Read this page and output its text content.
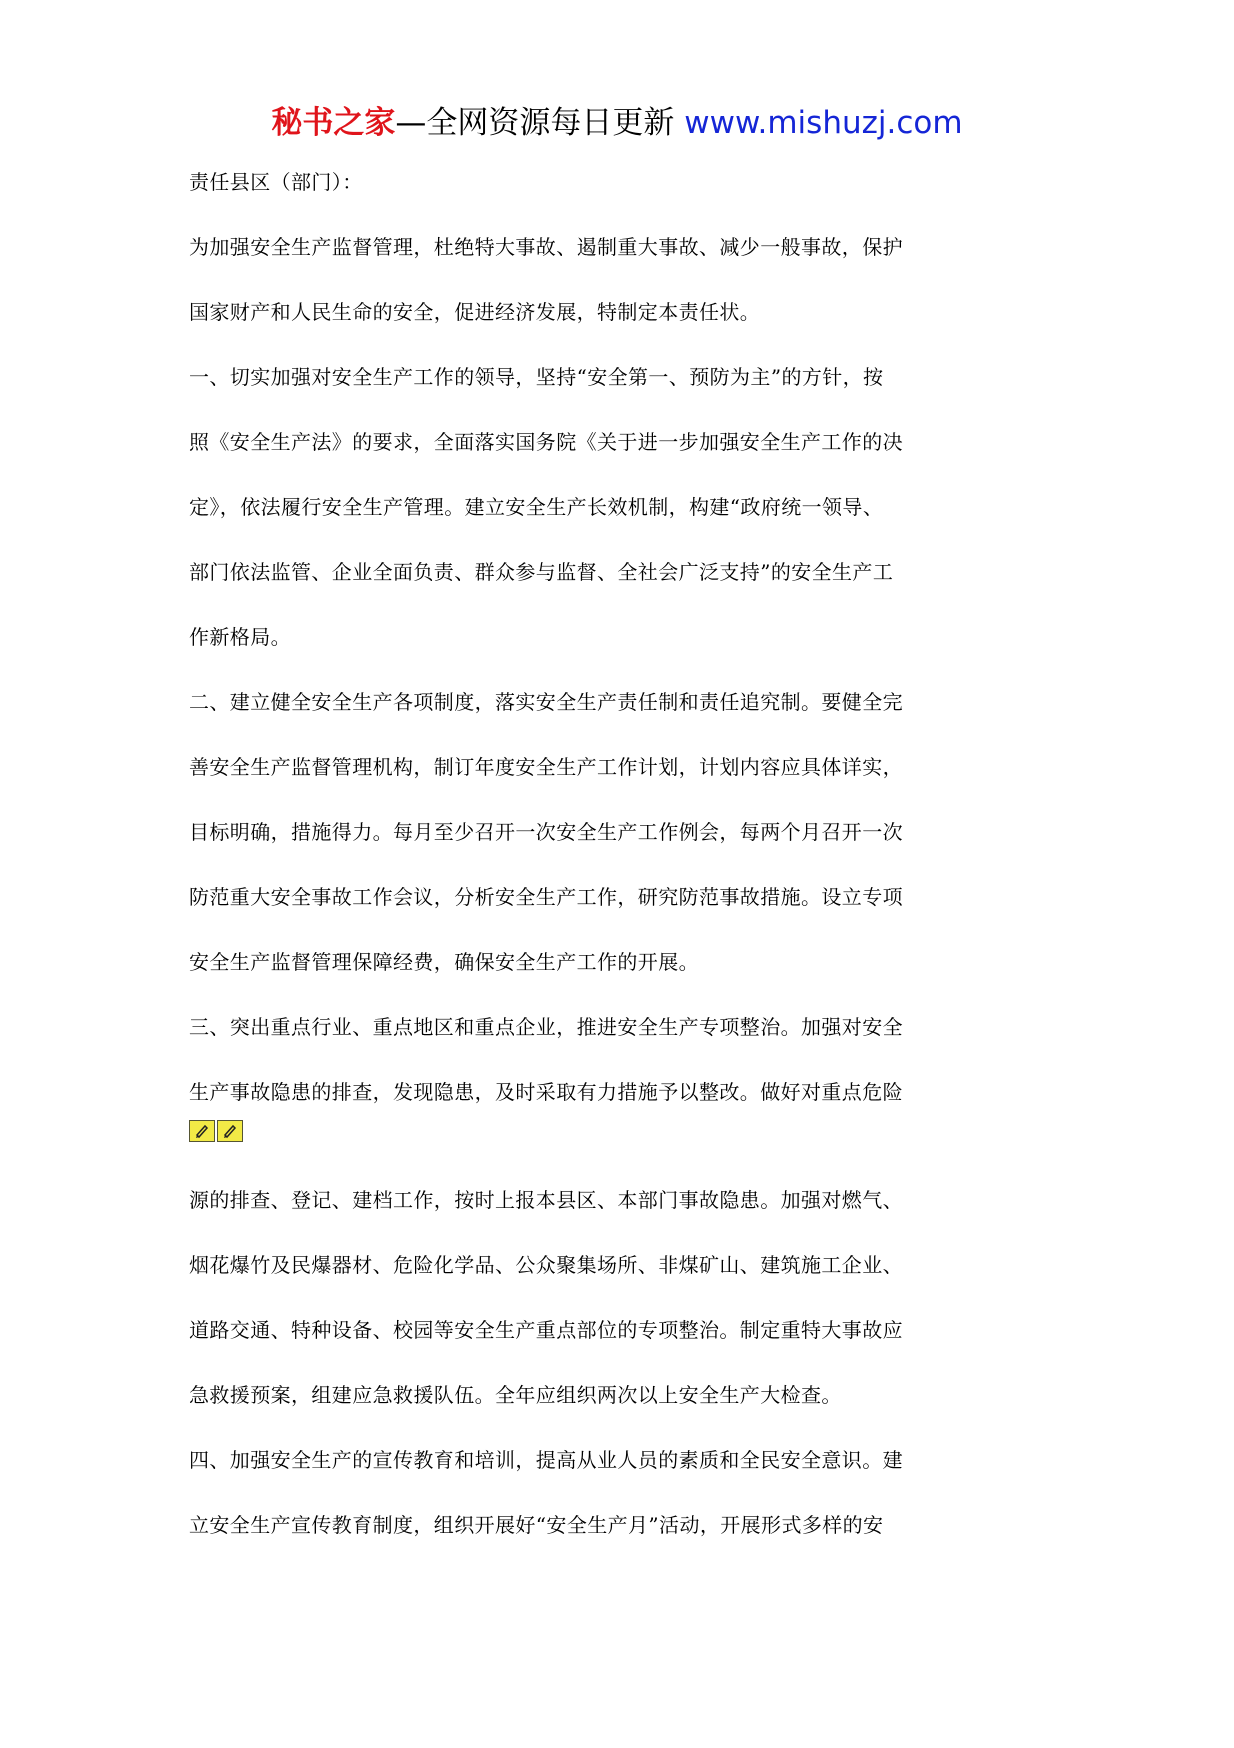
秘书之家—全网资源每日更新 www.mishuzj.com

责任县区（部门）：

为加强安全生产监督管理，杜绝特大事故、遏制重大事故、减少一般事故，保护

国家财产和人民生命的安全，促进经济发展，特制定本责任状。

一、切实加强对安全生产工作的领导，坚持“安全第一、预防为主”的方针，按

照《安全生产法》的要求，全面落实国务院《关于进一步加强安全生产工作的决

定》，依法履行安全生产管理。建立安全生产长效机制，构建“政府统一领导、

部门依法监管、企业全面负责、群众参与监督、全社会广泛支持”的安全生产工

作新格局。

二、建立健全安全生产各项制度，落实安全生产责任制和责任追究制。要健全完

善安全生产监督管理机构，制订年度安全生产工作计划，计划内容应具体详实，

目标明确，措施得力。每月至少召开一次安全生产工作例会，每两个月召开一次

防范重大安全事故工作会议，分析安全生产工作，研究防范事故措施。设立专项

安全生产监督管理保障经费，确保安全生产工作的开展。

三、突出重点行业、重点地区和重点企业，推进安全生产专项整治。加强对安全

生产事故隐患的排查，发现隐患，及时采取有力措施予以整改。做好对重点危险

源的排查、登记、建档工作，按时上报本县区、本部门事故隐患。加强对燃气、

烟花爆竹及民爆器材、危险化学品、公众聚集场所、非煤矿山、建筑施工企业、

道路交通、特种设备、校园等安全生产重点部位的专项整治。制定重特大事故应

急救援预案，组建应急救援队伍。全年应组织两次以上安全生产大检查。

四、加强安全生产的宣传教育和培训，提高从业人员的素质和全民安全意识。建

立安全生产宣传教育制度，组织开展好“安全生产月”活动，开展形式多样的安
